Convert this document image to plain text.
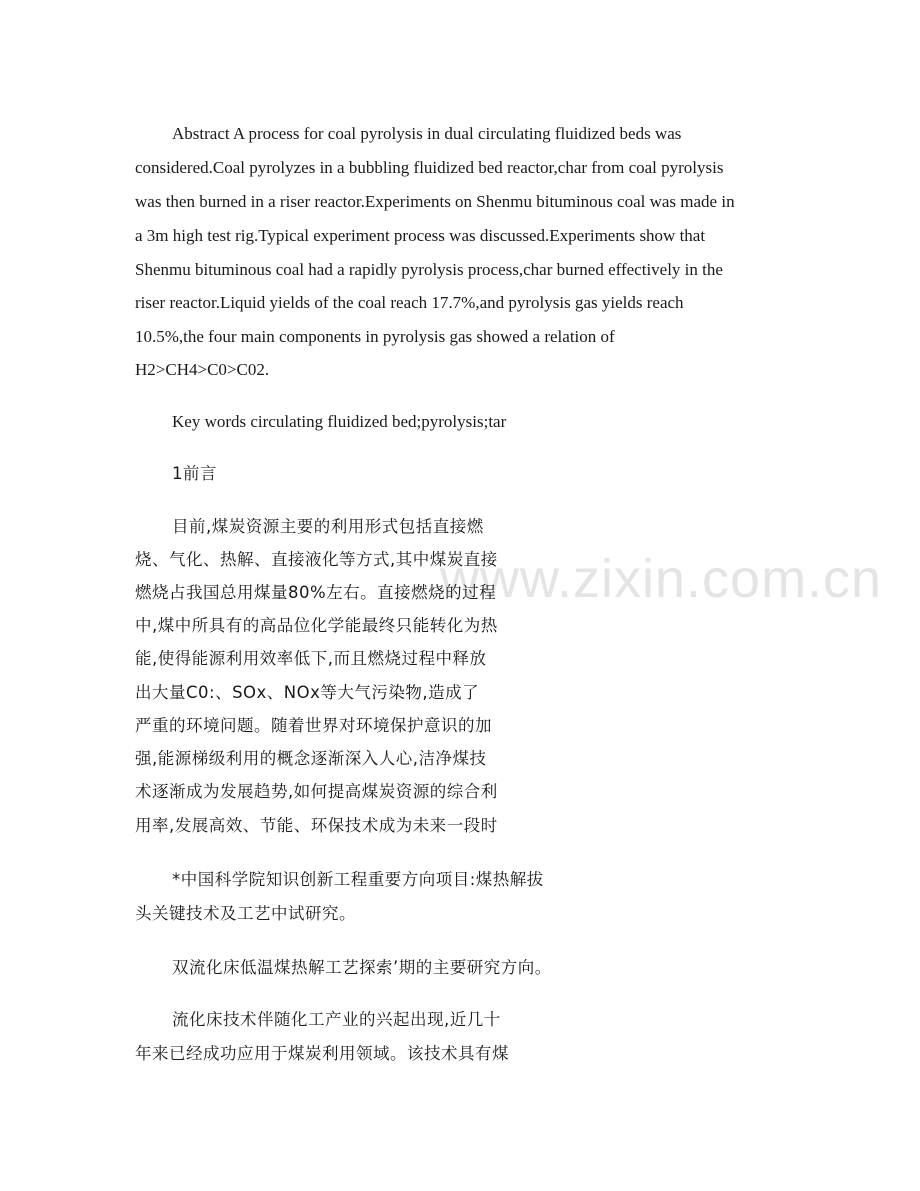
www.zixin.com.cn
Abstract A process for coal pyrolysis in dual circulating fluidized beds was
considered.Coal pyrolyzes in a bubbling fluidized bed reactor,char from coal pyrolysis
was then burned in a riser reactor.Experiments on Shenmu bituminous coal was made in
a 3m high test rig.Typical experiment process was discussed.Experiments show that
Shenmu bituminous coal had a rapidly pyrolysis process,char burned effectively in the
riser reactor.Liquid yields of the coal reach 17.7%,and pyrolysis gas yields reach
10.5%,the four main components in pyrolysis gas showed a relation of
H2>CH4>C0>C02.
Key words circulating fluidized bed;pyrolysis;tar
1前言
目前,煤炭资源主要的利用形式包括直接燃
烧、气化、热解、直接液化等方式,其中煤炭直接
燃烧占我国总用煤量80%左右。直接燃烧的过程
中,煤中所具有的高品位化学能最终只能转化为热
能,使得能源利用效率低下,而且燃烧过程中释放
出大量C0:、SOx、NOx等大气污染物,造成了
严重的环境问题。随着世界对环境保护意识的加
强,能源梯级利用的概念逐渐深入人心,洁净煤技
术逐渐成为发展趋势,如何提高煤炭资源的综合利
用率,发展高效、节能、环保技术成为未来一段时
*中国科学院知识创新工程重要方向项目:煤热解拔
头关键技术及工艺中试研究。
双流化床低温煤热解工艺探索’期的主要研究方向。
流化床技术伴随化工产业的兴起出现,近几十
年来已经成功应用于煤炭利用领域。该技术具有煤
